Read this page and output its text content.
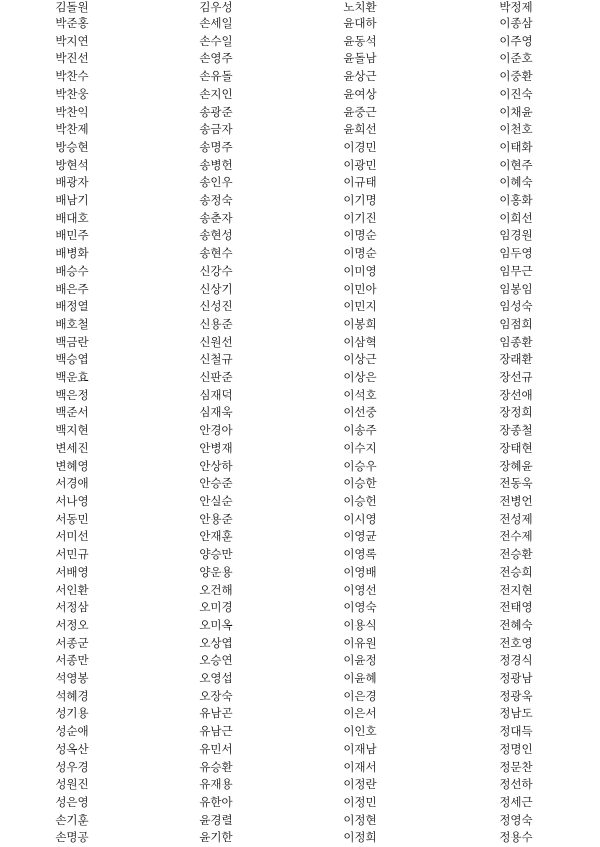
김돌원	김우성	노치환	박정제
박준홍	손세일	윤대하	이종삼
박지연	손수일	윤동석	이주영
박진선	손영주	윤돌남	이준호
박찬수	손유돌	윤상근	이중환
박찬웅	손지인	윤여상	이진숙
박찬익	송광준	윤중근	이채윤
박찬제	송금자	윤희선	이천호
방승현	송명주	이경민	이태화
방현석	송병헌	이광민	이현주
배광자	송인우	이규태	이혜숙
배남기	송정숙	이기명	이홍화
배대호	송춘자	이기진	이희선
배민주	송현성	이명순	임경원
배병화	송현수	이명순	임두영
배승수	신강수	이미영	임무근
배은주	신상기	이민아	임봉임
배정열	신성진	이민지	임성숙
배호철	신용준	이봉희	임점희
백금란	신원선	이삼혁	임종환
백승엽	신철규	이상근	장래환
백운효	신판준	이상은	장선규
백은정	심재덕	이석호	장선애
백준서	심재욱	이선중	장정희
백지현	안경아	이송주	장종철
변세진	안병재	이수지	장태현
변혜영	안상하	이승우	장혜윤
서경애	안승준	이승한	전동욱
서나영	안실순	이승헌	전병언
서동민	안용준	이시영	전성제
서미선	안재훈	이영균	전수제
서민규	양승만	이영록	전승환
서배영	양운용	이영배	전승희
서인환	오건해	이영선	전지현
서정삼	오미경	이영숙	전태영
서정오	오미옥	이용식	전혜숙
서종군	오상엽	이유원	전호영
서종만	오승연	이윤정	정경식
석영봉	오영섭	이윤혜	정광남
석혜경	오장숙	이은경	정광욱
성기용	유남곤	이은서	정남도
성순애	유남근	이인호	정대득
성옥산	유민서	이재남	정명인
성우경	유승환	이재서	정문찬
성원진	유재용	이정란	정선하
성은영	유한아	이정민	정세근
손기훈	윤경렬	이정현	정영숙
손명공	윤기한	이정희	정용수
